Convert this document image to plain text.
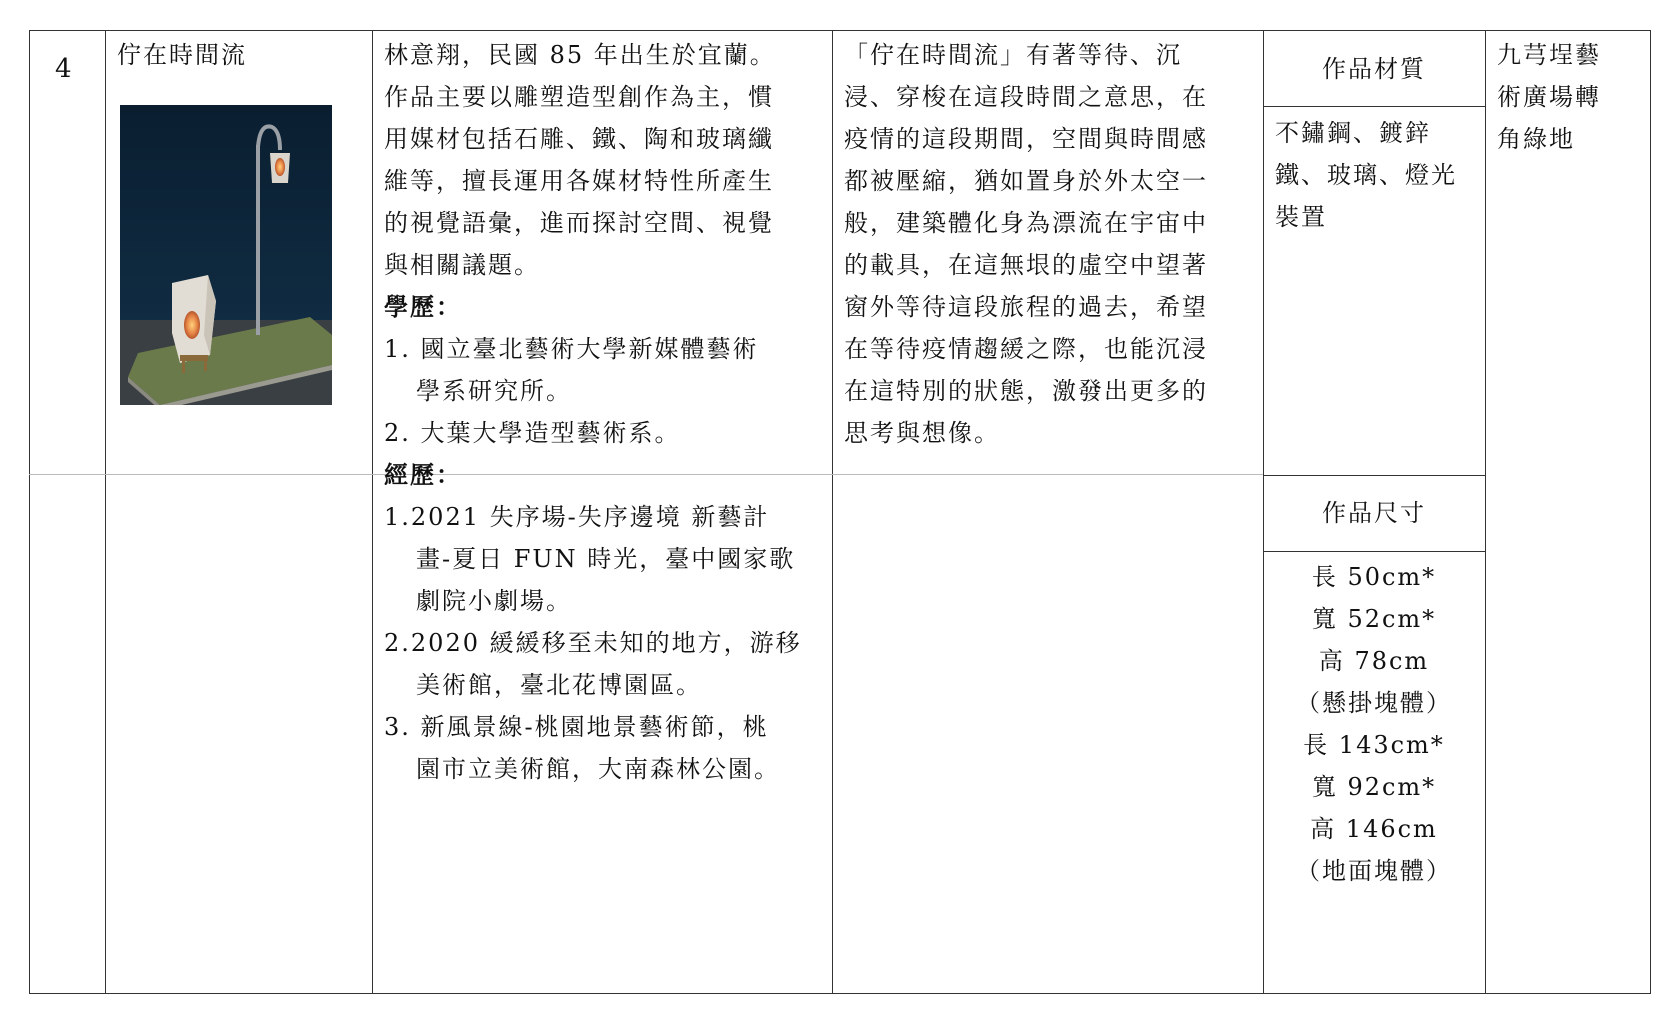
4 佇在時間流	林意翔，民國 85 年出生於宜蘭。
作品主要以雕塑造型創作為主，慣
用媒材包括石雕、鐵、陶和玻璃纖
維等，擅長運用各媒材特性所產生
的視覺語彙，進而探討空間、視覺
與相關議題。
學歷：
1. 國立臺北藝術大學新媒體藝術
學系研究所。
2. 大葉大學造型藝術系。
經歷：
1.2021 失序場-失序邊境 新藝計
畫-夏日 FUN 時光，臺中國家歌
劇院小劇場。
2.2020 緩緩移至未知的地方，游移
美術館，臺北花博園區。
3. 新風景線-桃園地景藝術節，桃
園市立美術館，大南森林公園。
「佇在時間流」有著等待、沉
浸、穿梭在這段時間之意思，在
疫情的這段期間，空間與時間感
都被壓縮，猶如置身於外太空一
般，建築體化身為漂流在宇宙中
的載具，在這無垠的虛空中望著
窗外等待這段旅程的過去，希望
在等待疫情趨緩之際，也能沉浸
在這特別的狀態，激發出更多的
思考與想像。
作品材質
不鏽鋼、鍍鋅
鐵、玻璃、燈光
裝置
作品尺寸
長 50cm*
寬 52cm*
高 78cm
（懸掛塊體）
長 143cm*
寬 92cm*
高 146cm
（地面塊體）
九芎埕藝
術廣場轉
角綠地
